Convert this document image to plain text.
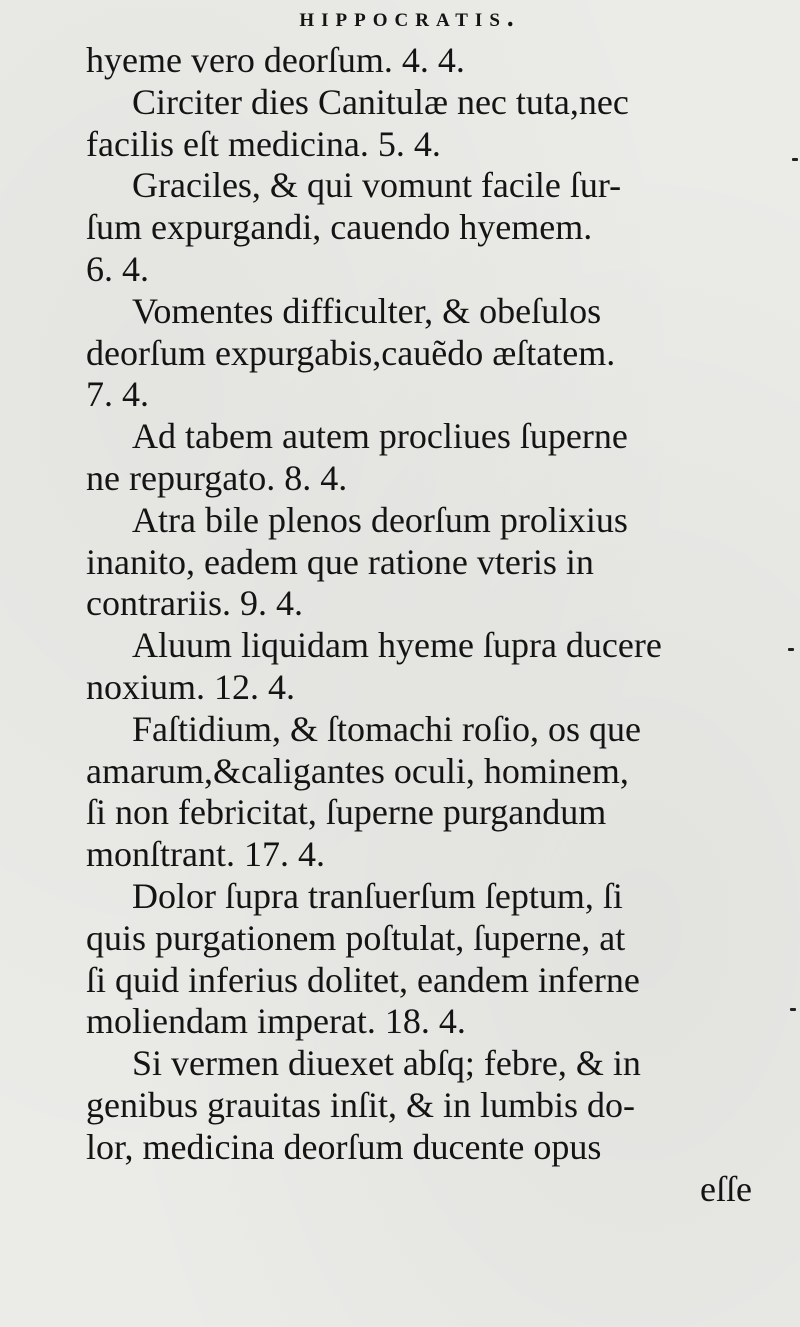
hippocratis.
hyeme vero deorſum. 4. 4.
Circiter dies Canitulæ nec tuta,nec
facilis eſt medicina. 5. 4.
Graciles, & qui vomunt facile ſur-
ſum expurgandi, cauendo hyemem.
6. 4.
Vomentes difficulter, & obeſulos
deorſum expurgabis,cauẽdo æſtatem.
7. 4.
Ad tabem autem procliues ſuperne
ne repurgato. 8. 4.
Atra bile plenos deorſum prolixius
inanito, eadem que ratione vteris in
contrariis. 9. 4.
Aluum liquidam hyeme ſupra ducere
noxium. 12. 4.
Faſtidium, & ſtomachi roſio, os que
amarum,&caligantes oculi, hominem,
ſi non febricitat, ſuperne purgandum
monſtrant. 17. 4.
Dolor ſupra tranſuerſum ſeptum, ſi
quis purgationem poſtulat, ſuperne, at
ſi quid inferius dolitet, eandem inferne
moliendam imperat. 18. 4.
Si vermen diuexet abſq; febre, & in
genibus grauitas inſit, & in lumbis do-
lor, medicina deorſum ducente opus
eſſe
